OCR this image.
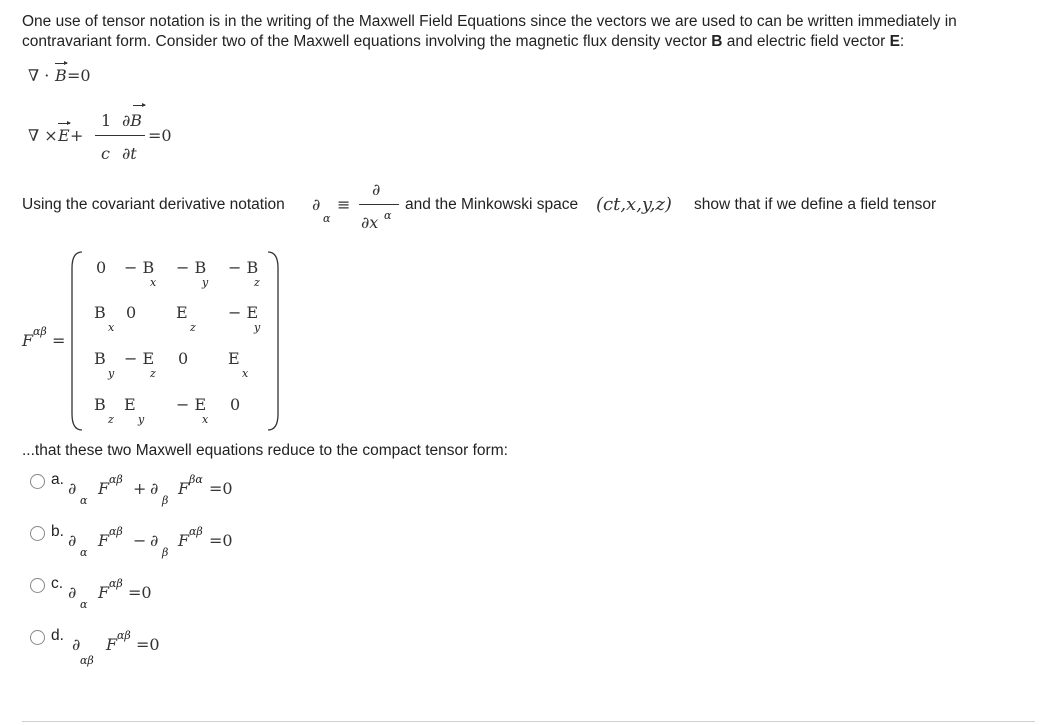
One use of tensor notation is in the writing of the Maxwell Field Equations since the vectors we are used to can be written immediately in contravariant form. Consider two of the Maxwell equations involving the magnetic flux density vector B and electric field vector E:
∇ · B =0
∇ × E +
1
c
∂B
∂t
=0
Using the covariant derivative notation ∂
α
≡
∂
∂x α
and the Minkowski space (ct,x,y,z) show that if we define a field tensor
F αβ =
0 − B
x
− B
y
− B
z
B
x
0 E
z
− E
y
B
y
− E
z
0 E
x
B
z
E
y
− E
x
0
...that these two Maxwell equations reduce to the compact tensor form:
a. ∂
α
F αβ + ∂
β
F βα =0
b. ∂
α
F αβ − ∂
β
F αβ =0
c. ∂
α
F αβ =0
d. ∂
αβ
F αβ =0
